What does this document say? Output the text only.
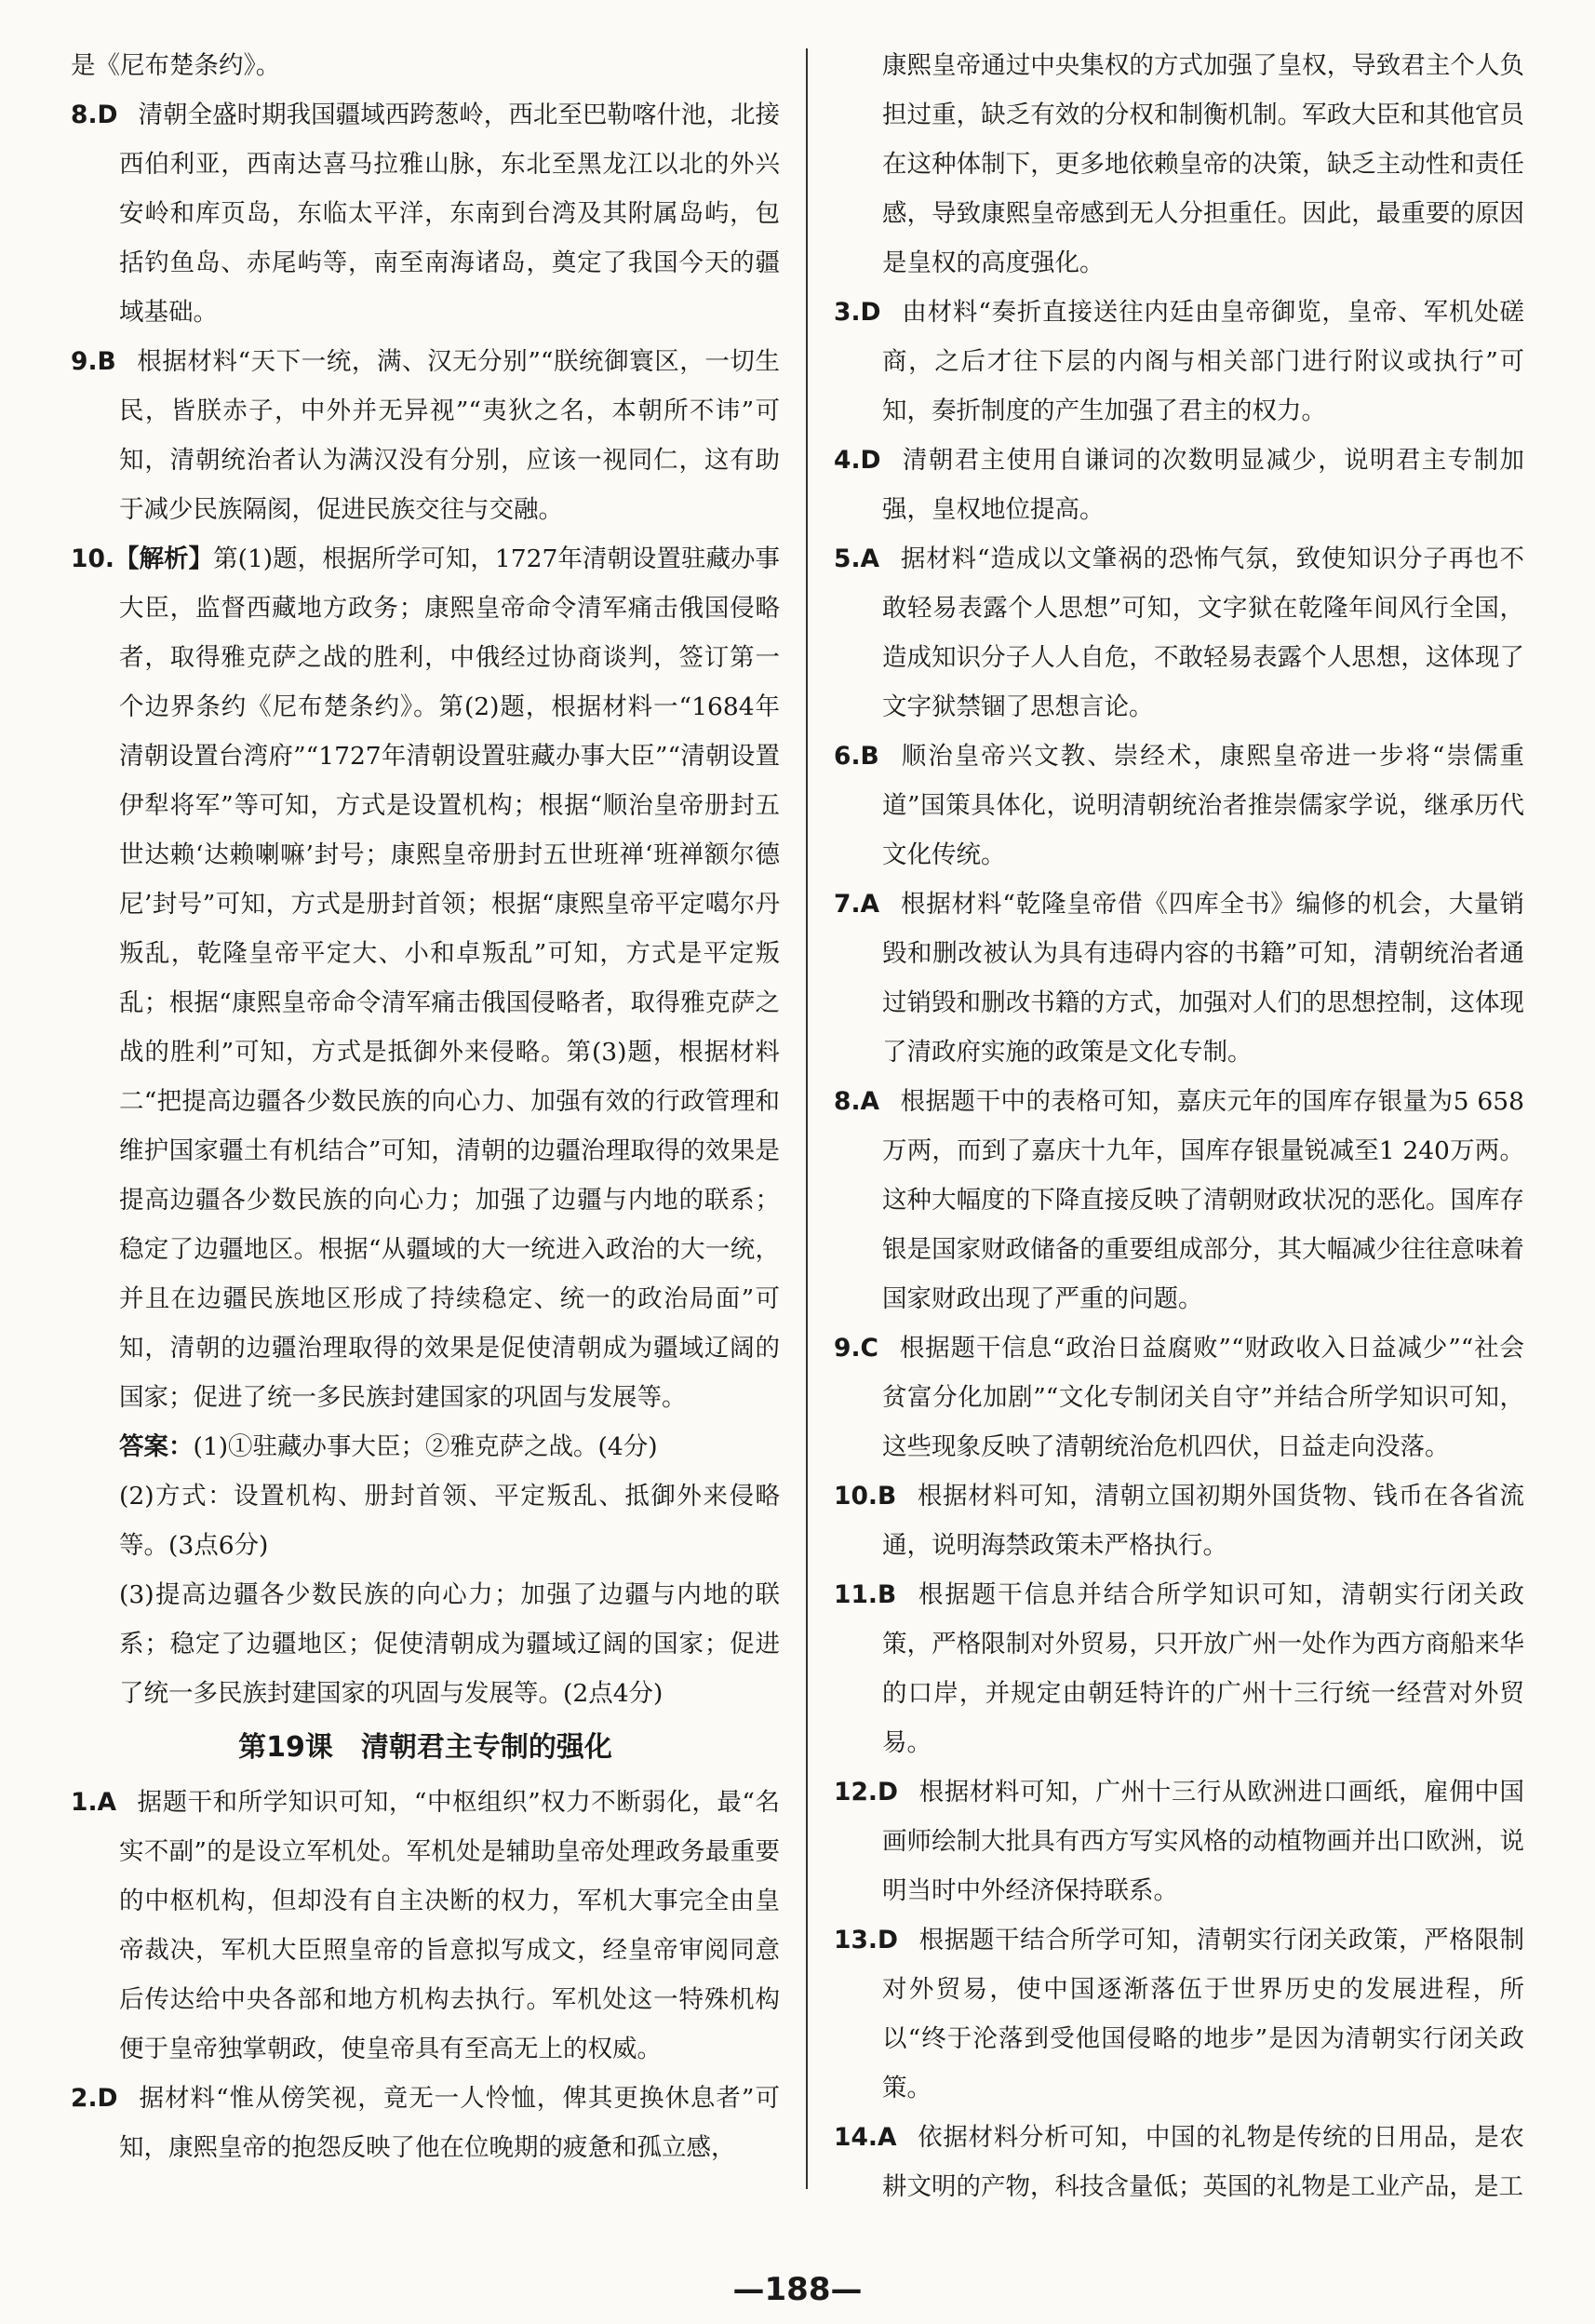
是《尼布楚条约》。

8.D 清朝全盛时期我国疆域西跨葱岭，西北至巴勒喀什池，北接西伯利亚，西南达喜马拉雅山脉，东北至黑龙江以北的外兴安岭和库页岛，东临太平洋，东南到台湾及其附属岛屿，包括钓鱼岛、赤尾屿等，南至南海诸岛，奠定了我国今天的疆域基础。

9.B 根据材料“天下一统，满、汉无分别”“朕统御寰区，一切生民，皆朕赤子，中外并无异视”“夷狄之名，本朝所不讳”可知，清朝统治者认为满汉没有分别，应该一视同仁，这有助于减少民族隔阂，促进民族交往与交融。

10.【解析】第(1)题，根据所学可知，1727年清朝设置驻藏办事大臣，监督西藏地方政务；康熙皇帝命令清军痛击俄国侵略者，取得雅克萨之战的胜利，中俄经过协商谈判，签订第一个边界条约《尼布楚条约》。第(2)题，根据材料一“1684年清朝设置台湾府”“1727年清朝设置驻藏办事大臣”“清朝设置伊犁将军”等可知，方式是设置机构；根据“顺治皇帝册封五世达赖‘达赖喇嘛’封号；康熙皇帝册封五世班禅‘班禅额尔德尼’封号”可知，方式是册封首领；根据“康熙皇帝平定噶尔丹叛乱，乾隆皇帝平定大、小和卓叛乱”可知，方式是平定叛乱；根据“康熙皇帝命令清军痛击俄国侵略者，取得雅克萨之战的胜利”可知，方式是抵御外来侵略。第(3)题，根据材料二“把提高边疆各少数民族的向心力、加强有效的行政管理和维护国家疆土有机结合”可知，清朝的边疆治理取得的效果是提高边疆各少数民族的向心力；加强了边疆与内地的联系；稳定了边疆地区。根据“从疆域的大一统进入政治的大一统，并且在边疆民族地区形成了持续稳定、统一的政治局面”可知，清朝的边疆治理取得的效果是促使清朝成为疆域辽阔的国家；促进了统一多民族封建国家的巩固与发展等。

答案：(1)①驻藏办事大臣；②雅克萨之战。(4分)

(2)方式：设置机构、册封首领、平定叛乱、抵御外来侵略等。(3点6分)

(3)提高边疆各少数民族的向心力；加强了边疆与内地的联系；稳定了边疆地区；促使清朝成为疆域辽阔的国家；促进了统一多民族封建国家的巩固与发展等。(2点4分)

第19课　清朝君主专制的强化

1.A 据题干和所学知识可知，“中枢组织”权力不断弱化，最“名实不副”的是设立军机处。军机处是辅助皇帝处理政务最重要的中枢机构，但却没有自主决断的权力，军机大事完全由皇帝裁决，军机大臣照皇帝的旨意拟写成文，经皇帝审阅同意后传达给中央各部和地方机构去执行。军机处这一特殊机构便于皇帝独掌朝政，使皇帝具有至高无上的权威。

2.D 据材料“惟从傍笑视，竟无一人怜恤，俾其更换休息者”可知，康熙皇帝的抱怨反映了他在位晚期的疲惫和孤立感，

康熙皇帝通过中央集权的方式加强了皇权，导致君主个人负担过重，缺乏有效的分权和制衡机制。军政大臣和其他官员在这种体制下，更多地依赖皇帝的决策，缺乏主动性和责任感，导致康熙皇帝感到无人分担重任。因此，最重要的原因是皇权的高度强化。

3.D 由材料“奏折直接送往内廷由皇帝御览，皇帝、军机处磋商，之后才往下层的内阁与相关部门进行附议或执行”可知，奏折制度的产生加强了君主的权力。

4.D 清朝君主使用自谦词的次数明显减少，说明君主专制加强，皇权地位提高。

5.A 据材料“造成以文肇祸的恐怖气氛，致使知识分子再也不敢轻易表露个人思想”可知，文字狱在乾隆年间风行全国，造成知识分子人人自危，不敢轻易表露个人思想，这体现了文字狱禁锢了思想言论。

6.B 顺治皇帝兴文教、崇经术，康熙皇帝进一步将“崇儒重道”国策具体化，说明清朝统治者推崇儒家学说，继承历代文化传统。

7.A 根据材料“乾隆皇帝借《四库全书》编修的机会，大量销毁和删改被认为具有违碍内容的书籍”可知，清朝统治者通过销毁和删改书籍的方式，加强对人们的思想控制，这体现了清政府实施的政策是文化专制。

8.A 根据题干中的表格可知，嘉庆元年的国库存银量为5 658万两，而到了嘉庆十九年，国库存银量锐减至1 240万两。这种大幅度的下降直接反映了清朝财政状况的恶化。国库存银是国家财政储备的重要组成部分，其大幅减少往往意味着国家财政出现了严重的问题。

9.C 根据题干信息“政治日益腐败”“财政收入日益减少”“社会贫富分化加剧”“文化专制闭关自守”并结合所学知识可知，这些现象反映了清朝统治危机四伏，日益走向没落。

10.B 根据材料可知，清朝立国初期外国货物、钱币在各省流通，说明海禁政策未严格执行。

11.B 根据题干信息并结合所学知识可知，清朝实行闭关政策，严格限制对外贸易，只开放广州一处作为西方商船来华的口岸，并规定由朝廷特许的广州十三行统一经营对外贸易。

12.D 根据材料可知，广州十三行从欧洲进口画纸，雇佣中国画师绘制大批具有西方写实风格的动植物画并出口欧洲，说明当时中外经济保持联系。

13.D 根据题干结合所学可知，清朝实行闭关政策，严格限制对外贸易，使中国逐渐落伍于世界历史的发展进程，所以“终于沦落到受他国侵略的地步”是因为清朝实行闭关政策。

14.A 依据材料分析可知，中国的礼物是传统的日用品，是农耕文明的产物，科技含量低；英国的礼物是工业产品，是工

—188—
